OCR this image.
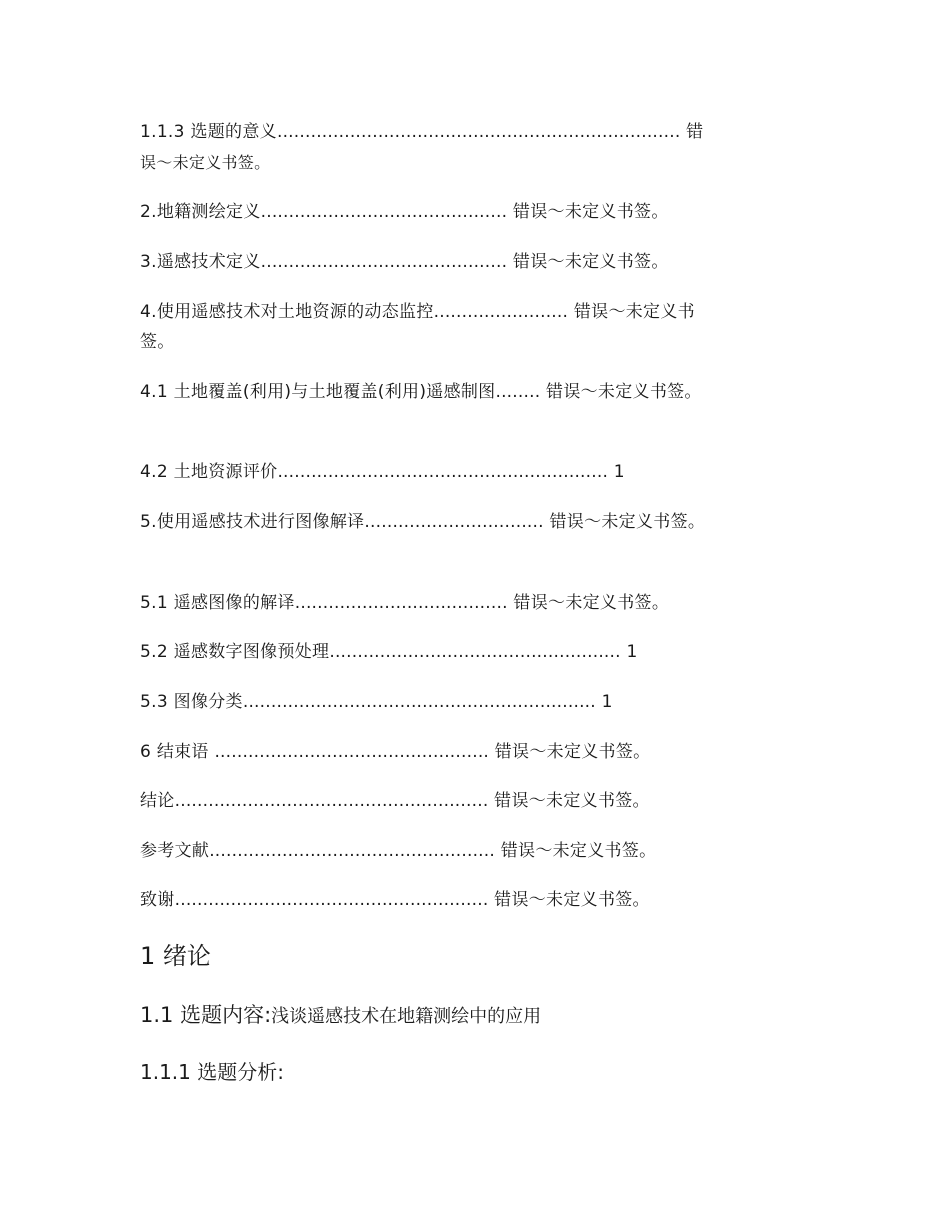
1.1.3 选题的意义........................................................................ 错
误～未定义书签。
2.地籍测绘定义............................................ 错误～未定义书签。
3.遥感技术定义............................................ 错误～未定义书签。
4.使用遥感技术对土地资源的动态监控........................ 错误～未定义书
签。
4.1 土地覆盖(利用)与土地覆盖(利用)遥感制图........ 错误～未定义书签。
4.2 土地资源评价........................................................... 1
5.使用遥感技术进行图像解译................................ 错误～未定义书签。
5.1 遥感图像的解译...................................... 错误～未定义书签。
5.2 遥感数字图像预处理.................................................... 1
5.3 图像分类............................................................... 1
6 结束语 ................................................. 错误～未定义书签。
结论........................................................ 错误～未定义书签。
参考文献................................................... 错误～未定义书签。
致谢........................................................ 错误～未定义书签。
1 绪论
1.1 选题内容:浅谈遥感技术在地籍测绘中的应用
1.1.1 选题分析:
